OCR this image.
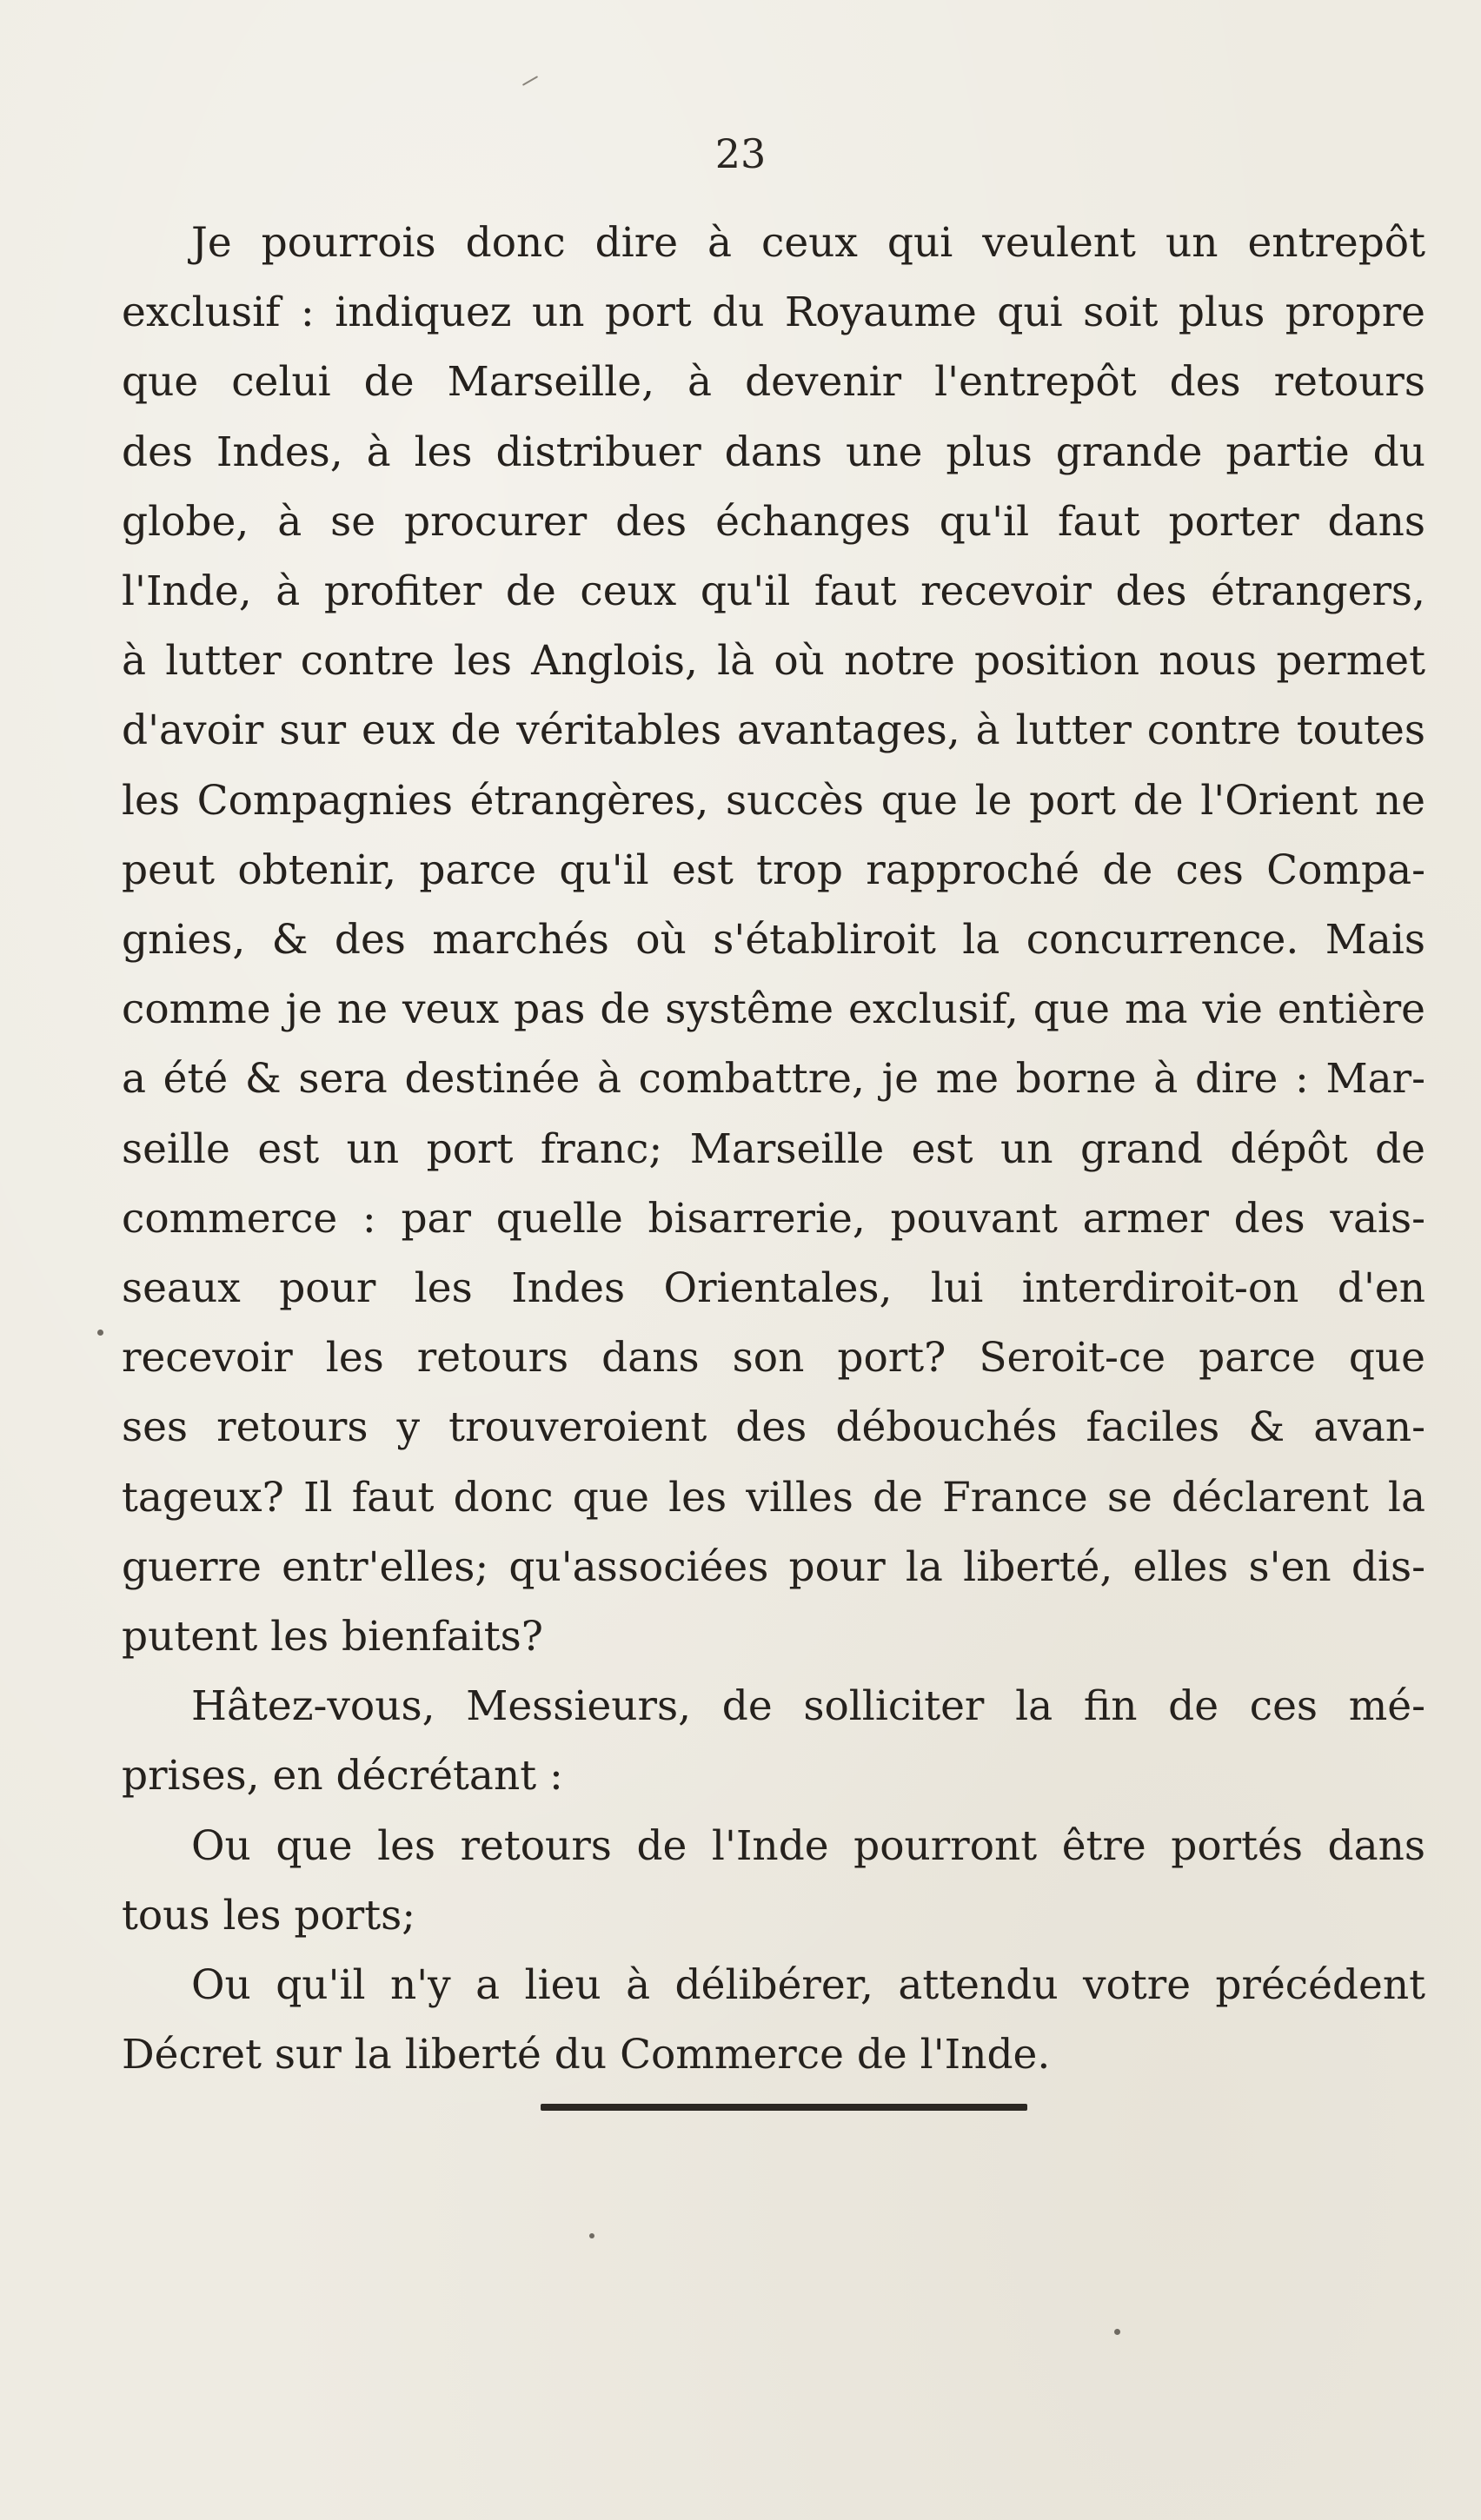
23
Je pourrois donc dire à ceux qui veulent un entrepôt
exclusif : indiquez un port du Royaume qui soit plus propre
que celui de Marseille, à devenir l'entrepôt des retours
des Indes, à les distribuer dans une plus grande partie du
globe, à se procurer des échanges qu'il faut porter dans
l'Inde, à profiter de ceux qu'il faut recevoir des étrangers,
à lutter contre les Anglois, là où notre position nous permet
d'avoir sur eux de véritables avantages, à lutter contre toutes
les Compagnies étrangères, succès que le port de l'Orient ne
peut obtenir, parce qu'il est trop rapproché de ces Compa-
gnies, & des marchés où s'établiroit la concurrence. Mais
comme je ne veux pas de systême exclusif, que ma vie entière
a été & sera destinée à combattre, je me borne à dire : Mar-
seille est un port franc; Marseille est un grand dépôt de
commerce : par quelle bisarrerie, pouvant armer des vais-
seaux pour les Indes Orientales, lui interdiroit-on d'en
recevoir les retours dans son port? Seroit-ce parce que
ses retours y trouveroient des débouchés faciles & avan-
tageux? Il faut donc que les villes de France se déclarent la
guerre entr'elles; qu'associées pour la liberté, elles s'en dis-
putent les bienfaits?
Hâtez-vous, Messieurs, de solliciter la fin de ces mé-
prises, en décrétant :
Ou que les retours de l'Inde pourront être portés dans
tous les ports;
Ou qu'il n'y a lieu à délibérer, attendu votre précédent
Décret sur la liberté du Commerce de l'Inde.
